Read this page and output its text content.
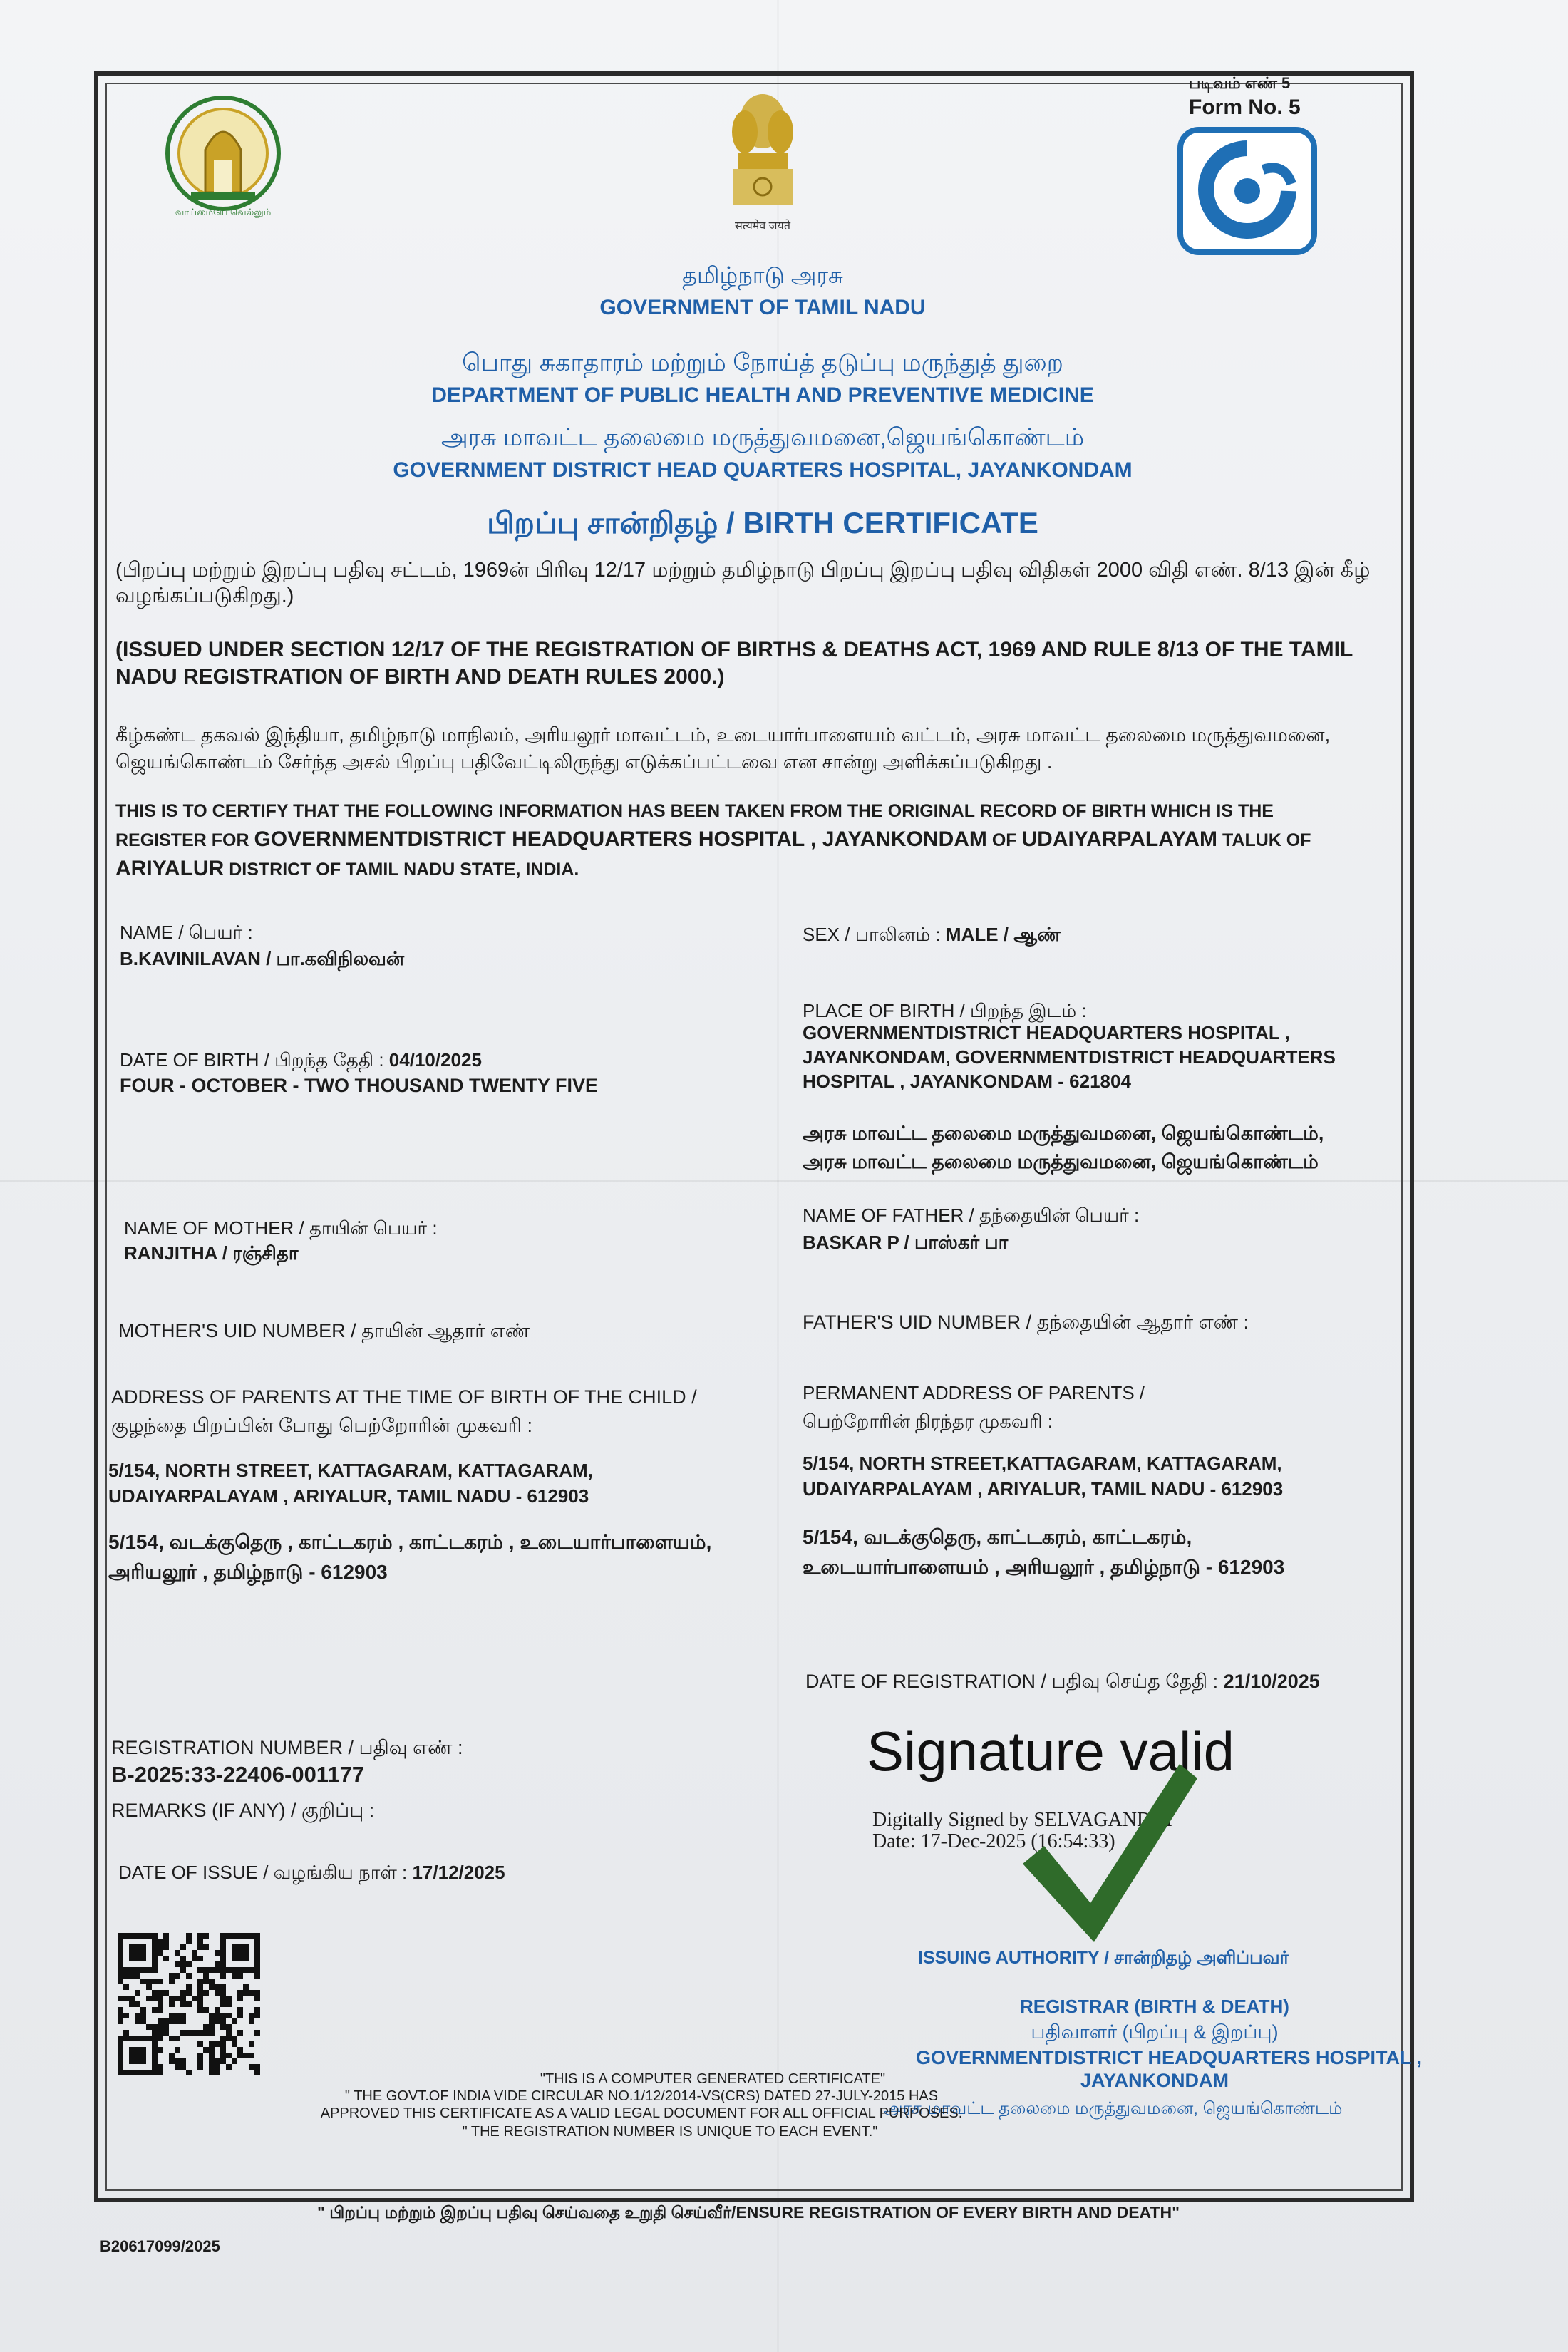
வாய்மையே வெல்லும்
सत्यमेव जयते
படிவம் எண் 5
Form No. 5
தமிழ்நாடு அரசு
GOVERNMENT OF TAMIL NADU
பொது சுகாதாரம் மற்றும் நோய்த் தடுப்பு மருந்துத் துறை
DEPARTMENT OF PUBLIC HEALTH AND PREVENTIVE MEDICINE
அரசு மாவட்ட தலைமை மருத்துவமனை,ஜெயங்கொண்டம்
GOVERNMENT DISTRICT HEAD QUARTERS HOSPITAL, JAYANKONDAM
பிறப்பு சான்றிதழ் / BIRTH CERTIFICATE
(பிறப்பு மற்றும் இறப்பு பதிவு சட்டம், 1969ன் பிரிவு 12/17 மற்றும் தமிழ்நாடு பிறப்பு இறப்பு பதிவு விதிகள் 2000 விதி எண். 8/13 இன் கீழ் வழங்கப்படுகிறது.)
(ISSUED UNDER SECTION 12/17 OF THE REGISTRATION OF BIRTHS & DEATHS ACT, 1969 AND RULE 8/13 OF THE TAMIL NADU REGISTRATION OF BIRTH AND DEATH RULES 2000.)
கீழ்கண்ட தகவல் இந்தியா, தமிழ்நாடு மாநிலம், அரியலூர் மாவட்டம், உடையார்பாளையம் வட்டம், அரசு மாவட்ட தலைமை மருத்துவமனை, ஜெயங்கொண்டம் சேர்ந்த அசல் பிறப்பு பதிவேட்டிலிருந்து எடுக்கப்பட்டவை என சான்று அளிக்கப்படுகிறது .
THIS IS TO CERTIFY THAT THE FOLLOWING INFORMATION HAS BEEN TAKEN FROM THE ORIGINAL RECORD OF BIRTH WHICH IS THE
REGISTER FOR GOVERNMENTDISTRICT HEADQUARTERS HOSPITAL , JAYANKONDAM OF UDAIYARPALAYAM TALUK OF
ARIYALUR DISTRICT OF TAMIL NADU STATE, INDIA.
NAME / பெயர் :
B.KAVINILAVAN / பா.கவிநிலவன்
DATE OF BIRTH / பிறந்த தேதி : 04/10/2025
FOUR - OCTOBER - TWO THOUSAND TWENTY FIVE
NAME OF MOTHER / தாயின் பெயர் :
RANJITHA / ரஞ்சிதா
MOTHER'S UID NUMBER / தாயின் ஆதார் எண்
ADDRESS OF PARENTS AT THE TIME OF BIRTH OF THE CHILD /
குழந்தை பிறப்பின் போது பெற்றோரின் முகவரி :
5/154, NORTH STREET, KATTAGARAM, KATTAGARAM,
UDAIYARPALAYAM , ARIYALUR, TAMIL NADU - 612903
5/154, வடக்குதெரு , காட்டகரம் , காட்டகரம் , உடையார்பாளையம்,
அரியலூர் , தமிழ்நாடு - 612903
REGISTRATION NUMBER / பதிவு எண் :
B-2025:33-22406-001177
REMARKS (IF ANY) / குறிப்பு :
DATE OF ISSUE / வழங்கிய நாள் : 17/12/2025
SEX / பாலினம் : MALE / ஆண்
PLACE OF BIRTH / பிறந்த இடம் :
GOVERNMENTDISTRICT HEADQUARTERS HOSPITAL ,
JAYANKONDAM, GOVERNMENTDISTRICT HEADQUARTERS
HOSPITAL , JAYANKONDAM - 621804
அரசு மாவட்ட தலைமை மருத்துவமனை, ஜெயங்கொண்டம்,
அரசு மாவட்ட தலைமை மருத்துவமனை, ஜெயங்கொண்டம்
NAME OF FATHER / தந்தையின் பெயர் :
BASKAR P / பாஸ்கர் பா
FATHER'S UID NUMBER / தந்தையின் ஆதார் எண் :
PERMANENT ADDRESS OF PARENTS /
பெற்றோரின் நிரந்தர முகவரி :
5/154, NORTH STREET,KATTAGARAM, KATTAGARAM,
UDAIYARPALAYAM , ARIYALUR, TAMIL NADU - 612903
5/154, வடக்குதெரு, காட்டகரம், காட்டகரம்,
உடையார்பாளையம் , அரியலூர் , தமிழ்நாடு - 612903
DATE OF REGISTRATION / பதிவு செய்த தேதி : 21/10/2025
Signature valid
Digitally Signed by SELVAGANDHI
Date: 17-Dec-2025 (16:54:33)
ISSUING AUTHORITY / சான்றிதழ் அளிப்பவர்
REGISTRAR (BIRTH & DEATH)
பதிவாளர் (பிறப்பு & இறப்பு)
GOVERNMENTDISTRICT HEADQUARTERS HOSPITAL ,
JAYANKONDAM
அரசு மாவட்ட தலைமை மருத்துவமனை, ஜெயங்கொண்டம்
"THIS IS A COMPUTER GENERATED CERTIFICATE"
" THE GOVT.OF INDIA VIDE CIRCULAR NO.1/12/2014-VS(CRS) DATED 27-JULY-2015 HAS
APPROVED THIS CERTIFICATE AS A VALID LEGAL DOCUMENT FOR ALL OFFICIAL PURPOSES.
" THE REGISTRATION NUMBER IS UNIQUE TO EACH EVENT."
" பிறப்பு மற்றும் இறப்பு பதிவு செய்வதை உறுதி செய்வீர்/ENSURE REGISTRATION OF EVERY BIRTH AND DEATH"
B20617099/2025
